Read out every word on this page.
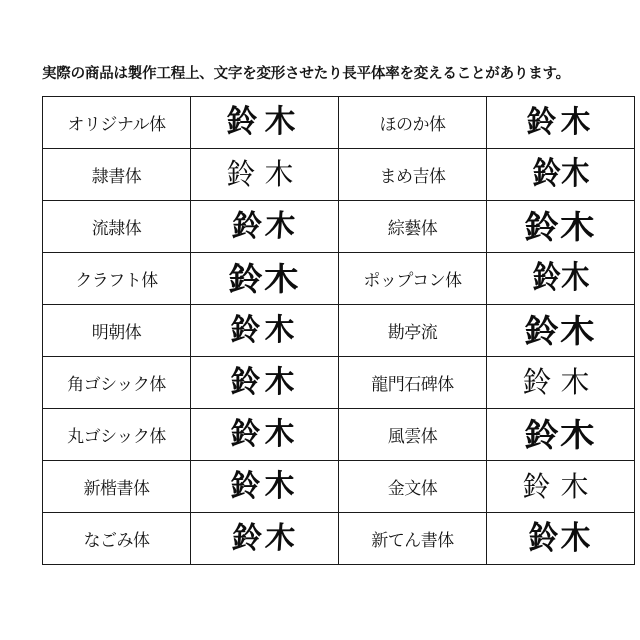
実際の商品は製作工程上、文字を変形させたり長平体率を変えることがあります。
オリジナル体	鈴木	ほのか体	鈴木
隷書体	鈴木	まめ吉体	鈴木
流隷体	鈴木	綜藝体	鈴木
クラフト体	鈴木	ポップコン体	鈴木
明朝体	鈴木	勘亭流	鈴木
角ゴシック体	鈴木	龍門石碑体	鈴木
丸ゴシック体	鈴木	風雲体	鈴木
新楷書体	鈴木	金文体	鈴木
なごみ体	鈴木	新てん書体	鈴木
